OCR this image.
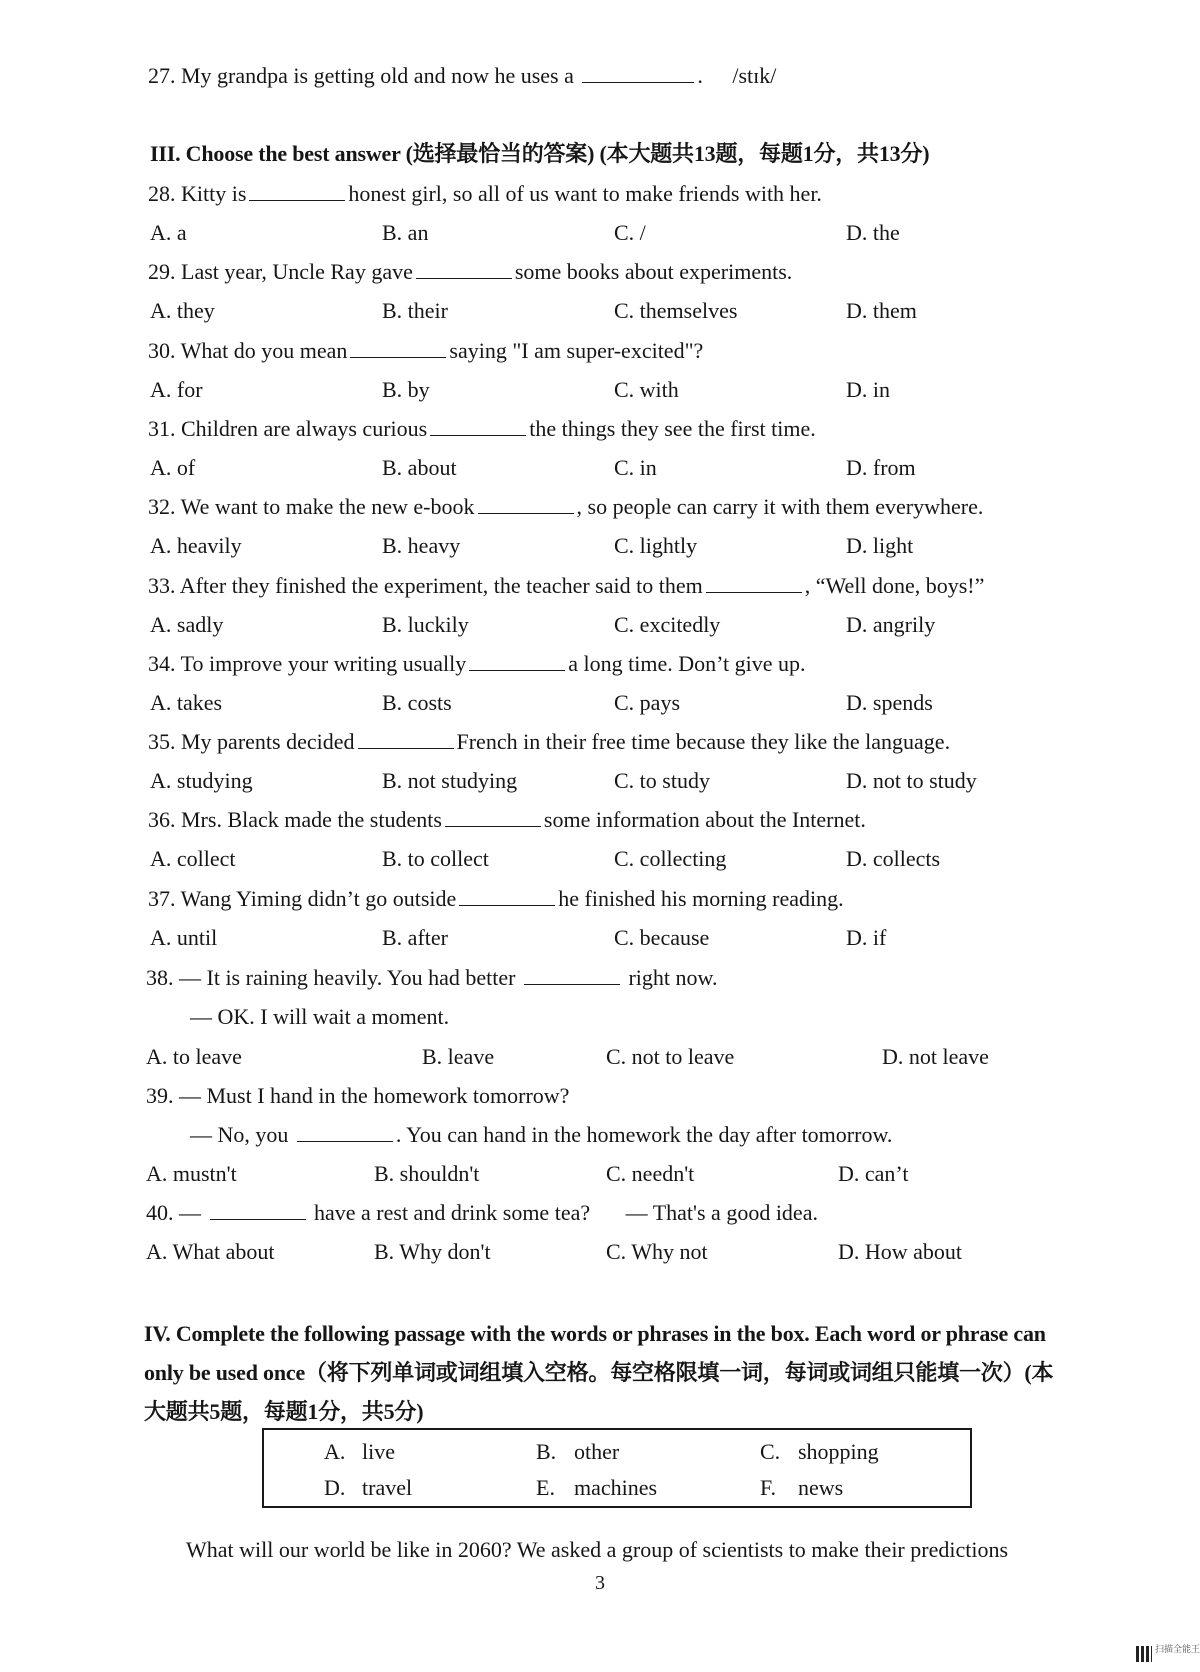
27. My grandpa is getting old and now he uses a	. /stɪk/
III. Choose the best answer (选择最恰当的答案) (本大题共13题，每题1分，共13分)
28. Kitty is	honest girl, so all of us want to make friends with her.
A. a	B. an	C. /	D. the
29. Last year, Uncle Ray gave	some books about experiments.
A. they	B. their	C. themselves	D. them
30. What do you mean	saying "I am super-excited"?
A. for	B. by	C. with	D. in
31. Children are always curious	the things they see the first time.
A. of	B. about	C. in	D. from
32. We want to make the new e-book	, so people can carry it with them everywhere.
A. heavily	B. heavy	C. lightly	D. light
33. After they finished the experiment, the teacher said to them	, “Well done, boys!”
A. sadly	B. luckily	C. excitedly	D. angrily
34. To improve your writing usually	a long time. Don’t give up.
A. takes	B. costs	C. pays	D. spends
35. My parents decided	French in their free time because they like the language.
A. studying	B. not studying	C. to study	D. not to study
36. Mrs. Black made the students	some information about the Internet.
A. collect	B. to collect	C. collecting	D. collects
37. Wang Yiming didn’t go outside	he finished his morning reading.
A. until	B. after	C. because	D. if
38. — It is raining heavily. You had better	right now.
— OK. I will wait a moment.
A. to leave	B. leave	C. not to leave	D. not leave
39. — Must I hand in the homework tomorrow?
— No, you	. You can hand in the homework the day after tomorrow.
A. mustn't	B. shouldn't	C. needn't	D. can’t
40. —	have a rest and drink some tea? — That's a good idea.
A. What about	B. Why don't	C. Why not	D. How about
IV. Complete the following passage with the words or phrases in the box. Each word or phrase can
only be used once（将下列单词或词组填入空格。每空格限填一词，每词或词组只能填一次）(本
大题共5题，每题1分，共5分)
A. live	B. other	C. shopping
D. travel	E. machines	F. news
What will our world be like in 2060? We asked a group of scientists to make their predictions
3
扫描全能王
